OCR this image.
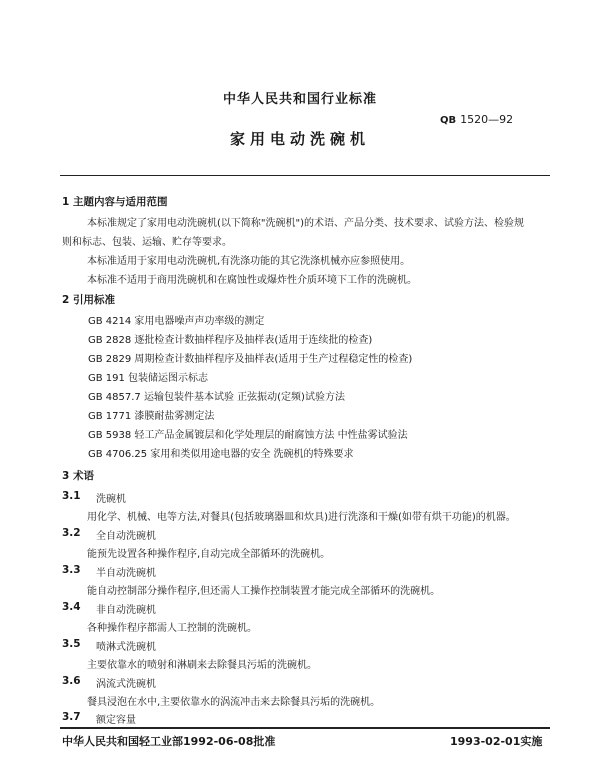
中华人民共和国行业标准
QB 1520—92
家用电动洗碗机
1 主题内容与适用范围
本标准规定了家用电动洗碗机(以下简称"洗碗机")的术语、产品分类、技术要求、试验方法、检验规
则和标志、包装、运输、贮存等要求。
本标准适用于家用电动洗碗机,有洗涤功能的其它洗涤机械亦应参照使用。
本标准不适用于商用洗碗机和在腐蚀性或爆炸性介质环境下工作的洗碗机。
2 引用标准
GB 4214 家用电器噪声声功率级的测定
GB 2828 逐批检查计数抽样程序及抽样表(适用于连续批的检查)
GB 2829 周期检查计数抽样程序及抽样表(适用于生产过程稳定性的检查)
GB 191 包装储运图示标志
GB 4857.7 运输包装件基本试验 正弦振动(定频)试验方法
GB 1771 漆膜耐盐雾测定法
GB 5938 轻工产品金属镀层和化学处理层的耐腐蚀方法 中性盐雾试验法
GB 4706.25 家用和类似用途电器的安全 洗碗机的特殊要求
3 术语
3.1 洗碗机
用化学、机械、电等方法,对餐具(包括玻璃器皿和炊具)进行洗涤和干燥(如带有烘干功能)的机器。
3.2 全自动洗碗机
能预先设置各种操作程序,自动完成全部循环的洗碗机。
3.3 半自动洗碗机
能自动控制部分操作程序,但还需人工操作控制装置才能完成全部循环的洗碗机。
3.4 非自动洗碗机
各种操作程序都需人工控制的洗碗机。
3.5 喷淋式洗碗机
主要依靠水的喷射和淋刷来去除餐具污垢的洗碗机。
3.6 涡流式洗碗机
餐具浸泡在水中,主要依靠水的涡流冲击来去除餐具污垢的洗碗机。
3.7 额定容量
中华人民共和国轻工业部1992-06-08批准	1993-02-01实施
